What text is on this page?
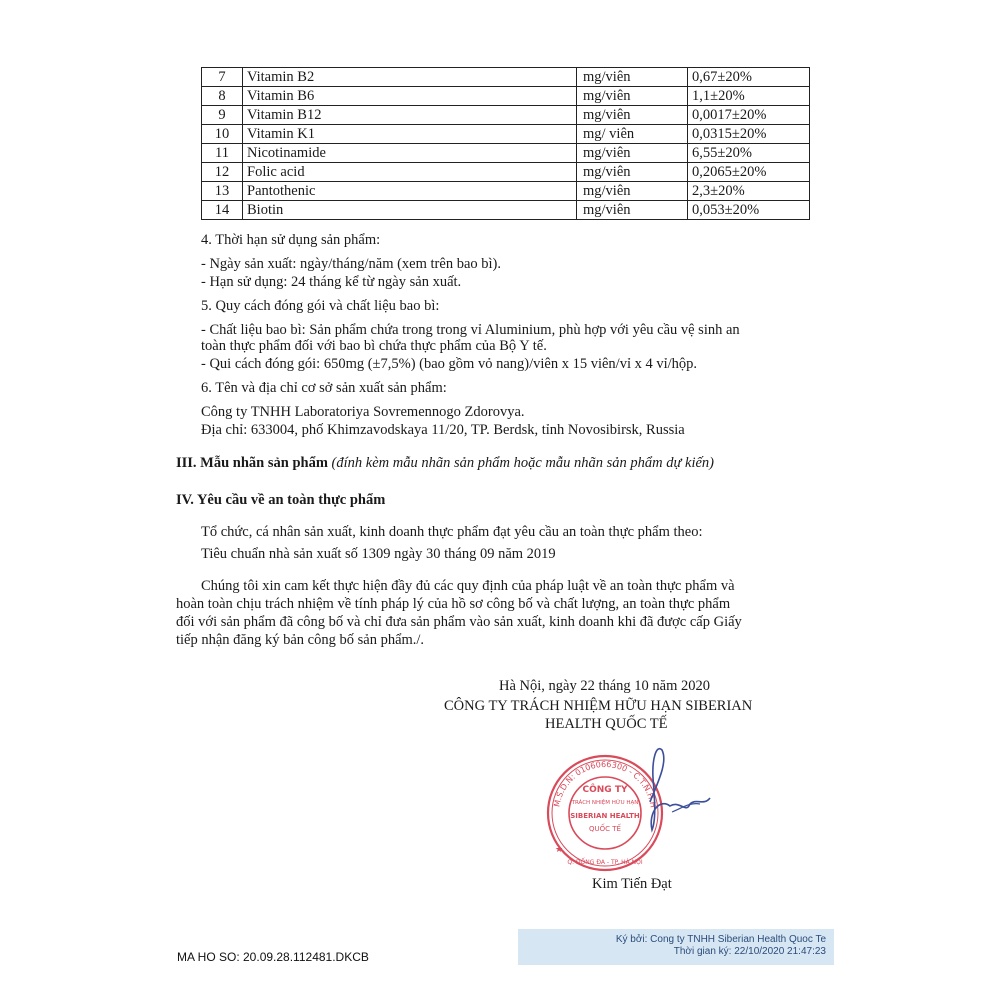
7	Vitamin B2	mg/viên	0,67±20%
8	Vitamin B6	mg/viên	1,1±20%
9	Vitamin B12	mg/viên	0,0017±20%
10	Vitamin K1	mg/ viên	0,0315±20%
11	Nicotinamide	mg/viên	6,55±20%
12	Folic acid	mg/viên	0,2065±20%
13	Pantothenic	mg/viên	2,3±20%
14	Biotin	mg/viên	0,053±20%
4. Thời hạn sử dụng sản phẩm:
- Ngày sản xuất: ngày/tháng/năm (xem trên bao bì).
- Hạn sử dụng: 24 tháng kể từ ngày sản xuất.
5. Quy cách đóng gói và chất liệu bao bì:
- Chất liệu bao bì: Sản phẩm chứa trong trong vỉ Aluminium, phù hợp với yêu cầu vệ sinh an
toàn thực phẩm đối với bao bì chứa thực phẩm của Bộ Y tế.
- Qui cách đóng gói: 650mg (±7,5%) (bao gồm vỏ nang)/viên x 15 viên/vỉ x 4 vỉ/hộp.
6. Tên và địa chỉ cơ sở sản xuất sản phẩm:
Công ty TNHH Laboratoriya Sovremennogo Zdorovya.
Địa chỉ: 633004, phố Khimzavodskaya 11/20, TP. Berdsk, tỉnh Novosibirsk, Russia
III. Mẫu nhãn sản phẩm (đính kèm mẫu nhãn sản phẩm hoặc mẫu nhãn sản phẩm dự kiến)
IV. Yêu cầu về an toàn thực phẩm
Tổ chức, cá nhân sản xuất, kinh doanh thực phẩm đạt yêu cầu an toàn thực phẩm theo:
Tiêu chuẩn nhà sản xuất số 1309 ngày 30 tháng 09 năm 2019
Chúng tôi xin cam kết thực hiện đầy đủ các quy định của pháp luật về an toàn thực phẩm và
hoàn toàn chịu trách nhiệm về tính pháp lý của hồ sơ công bố và chất lượng, an toàn thực phẩm
đối với sản phẩm đã công bố và chỉ đưa sản phẩm vào sản xuất, kinh doanh khi đã được cấp Giấy
tiếp nhận đăng ký bản công bố sản phẩm./.
Hà Nội, ngày 22 tháng 10 năm 2020
CÔNG TY TRÁCH NHIỆM HỮU HẠN SIBERIAN
HEALTH QUỐC TẾ
M.S.D.N: 0106066300 - C.T.N.H.H
CÔNG TY
TRÁCH NHIỆM HỮU HẠN
SIBERIAN HEALTH
QUỐC TẾ
Q. ĐỐNG ĐA - TP. HÀ NỘI
★
Kim Tiến Đạt
MA HO SO: 20.09.28.112481.DKCB
Ký bởi: Cong ty TNHH Siberian Health Quoc Te
Thời gian ký: 22/10/2020 21:47:23
